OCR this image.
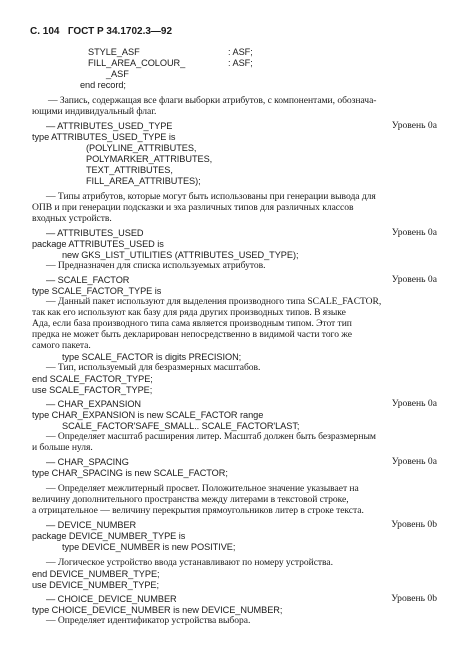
С. 104 ГОСТ Р 34.1702.3—92
STYLE_ASF	: ASF;
FILL_AREA_COLOUR_	: ASF;
_ASF
end record;
— Запись, содержащая все флаги выборки атрибутов, с компонентами, обознача-
ющими индивидуальный флаг.
— ATTRIBUTES_USED_TYPE
type ATTRIBUTES_USED_TYPE is
(POLYLINE_ATTRIBUTES,
POLYMARKER_ATTRIBUTES,
TEXT_ATTRIBUTES,
FILL_AREA_ATTRIBUTES);
— Типы атрибутов, которые могут быть использованы при генерации вывода для
ОПВ и при генерации подсказки и эха различных типов для различных классов
входных устройств.
— ATTRIBUTES_USED
package ATTRIBUTES_USED is
new GKS_LIST_UTILITIES (ATTRIBUTES_USED_TYPE);
— Предназначен для списка используемых атрибутов.
— SCALE_FACTOR
type SCALE_FACTOR_TYPE is
— Данный пакет используют для выделения производного типа SCALE_FACTOR,
так как его используют как базу для ряда других производных типов. В языке
Ада, если база производного типа сама является производным типом. Этот тип
предка не может быть декларирован непосредственно в видимой части того же
самого пакета.
type SCALE_FACTOR is digits PRECISION;
— Тип, используемый для безразмерных масштабов.
end SCALE_FACTOR_TYPE;
use SCALE_FACTOR_TYPE;
— CHAR_EXPANSION
type CHAR_EXPANSION is new SCALE_FACTOR range
SCALE_FACTOR'SAFE_SMALL.. SCALE_FACTOR'LAST;
— Определяет масштаб расширения литер. Масштаб должен быть безразмерным
и больше нуля.
— CHAR_SPACING
type CHAR_SPACING is new SCALE_FACTOR;
— Определяет межлитерный просвет. Положительное значение указывает на
величину дополнительного пространства между литерами в текстовой строке,
а отрицательное — величину перекрытия прямоугольников литер в строке текста.
— DEVICE_NUMBER
package DEVICE_NUMBER_TYPE is
type DEVICE_NUMBER is new POSITIVE;
— Логическое устройство ввода устанавливают по номеру устройства.
end DEVICE_NUMBER_TYPE;
use DEVICE_NUMBER_TYPE;
— CHOICE_DEVICE_NUMBER
type CHOICE_DEVICE_NUMBER is new DEVICE_NUMBER;
— Определяет идентификатор устройства выбора.
Уровень 0a
Уровень 0a
Уровень 0a
Уровень 0a
Уровень 0a
Уровень 0b
Уровень 0b
